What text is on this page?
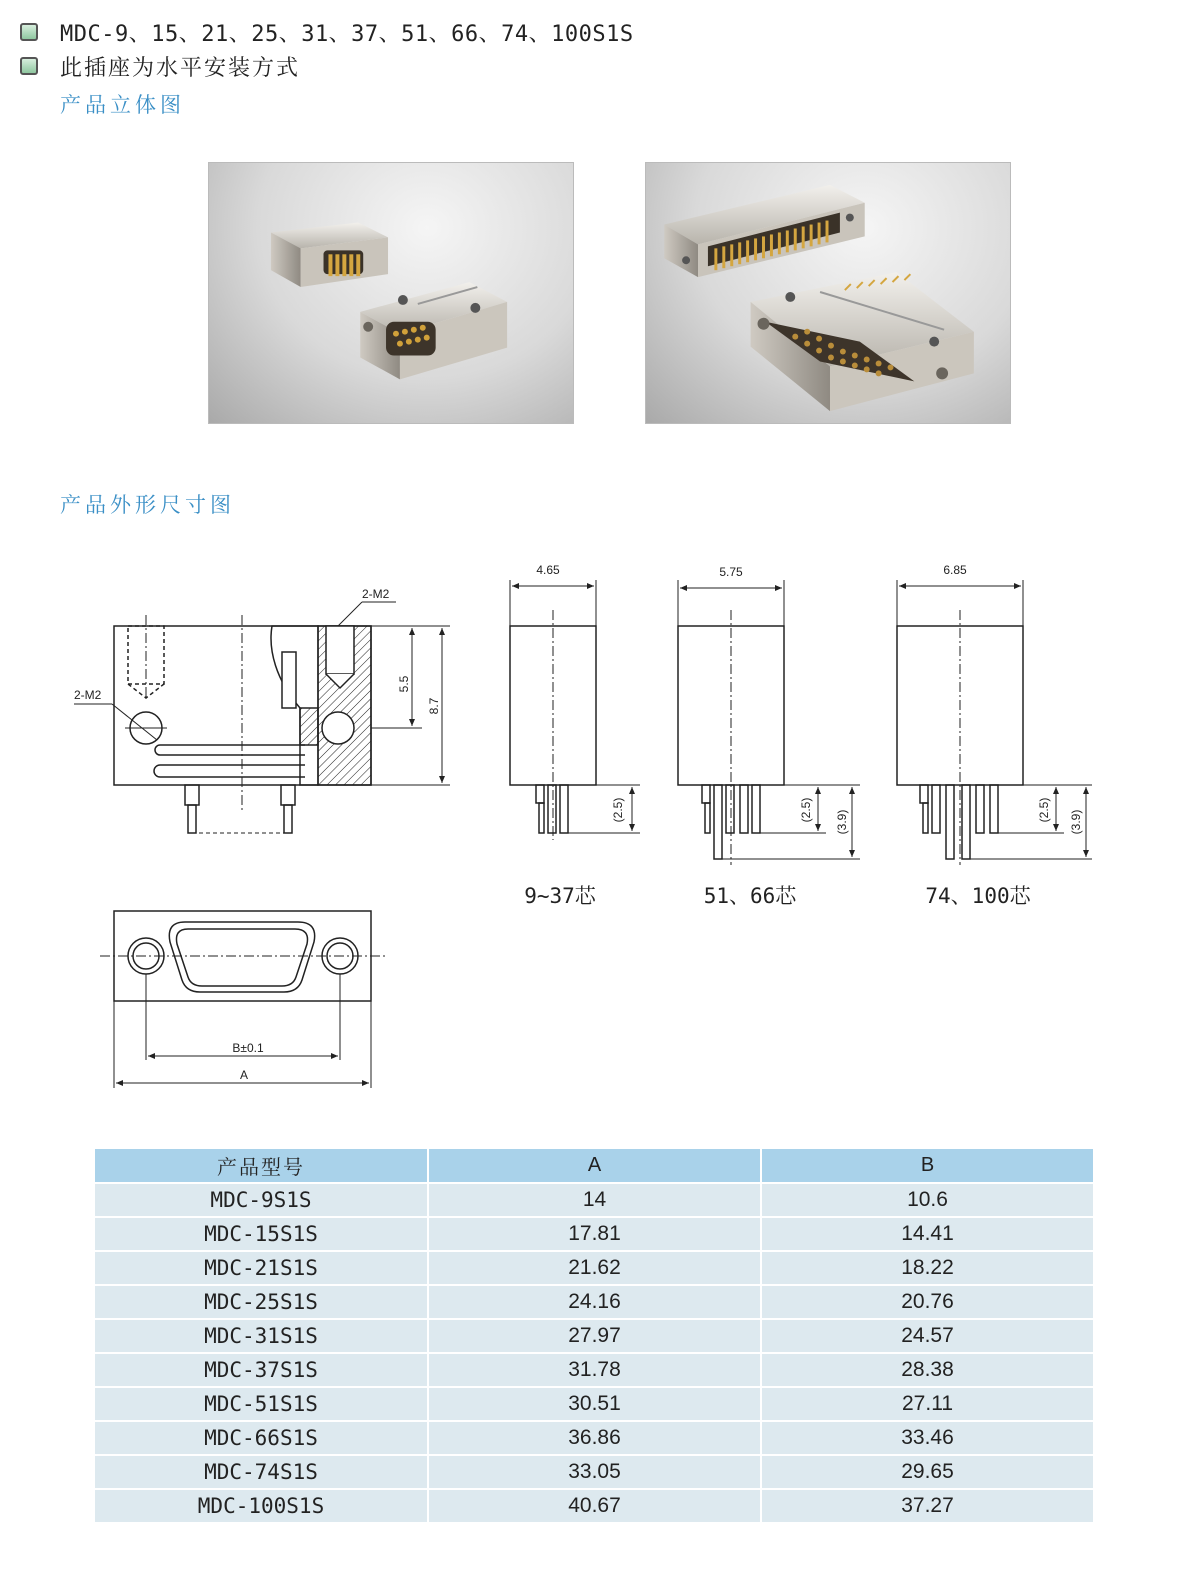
MDC-9、15、21、25、31、37、51、66、74、100S1S
此插座为水平安装方式
产品立体图
产品外形尺寸图
2-M2
2-M2
5.5
8.7
4.65
(2.5)
9~37芯
5.75
(2.5) (3.9)
51、66芯
6.85
(2.5) (3.9)
74、100芯
B±0.1
A
产品型号	A	B
MDC-9S1S	14	10.6
MDC-15S1S	17.81	14.41
MDC-21S1S	21.62	18.22
MDC-25S1S	24.16	20.76
MDC-31S1S	27.97	24.57
MDC-37S1S	31.78	28.38
MDC-51S1S	30.51	27.11
MDC-66S1S	36.86	33.46
MDC-74S1S	33.05	29.65
MDC-100S1S	40.67	37.27
